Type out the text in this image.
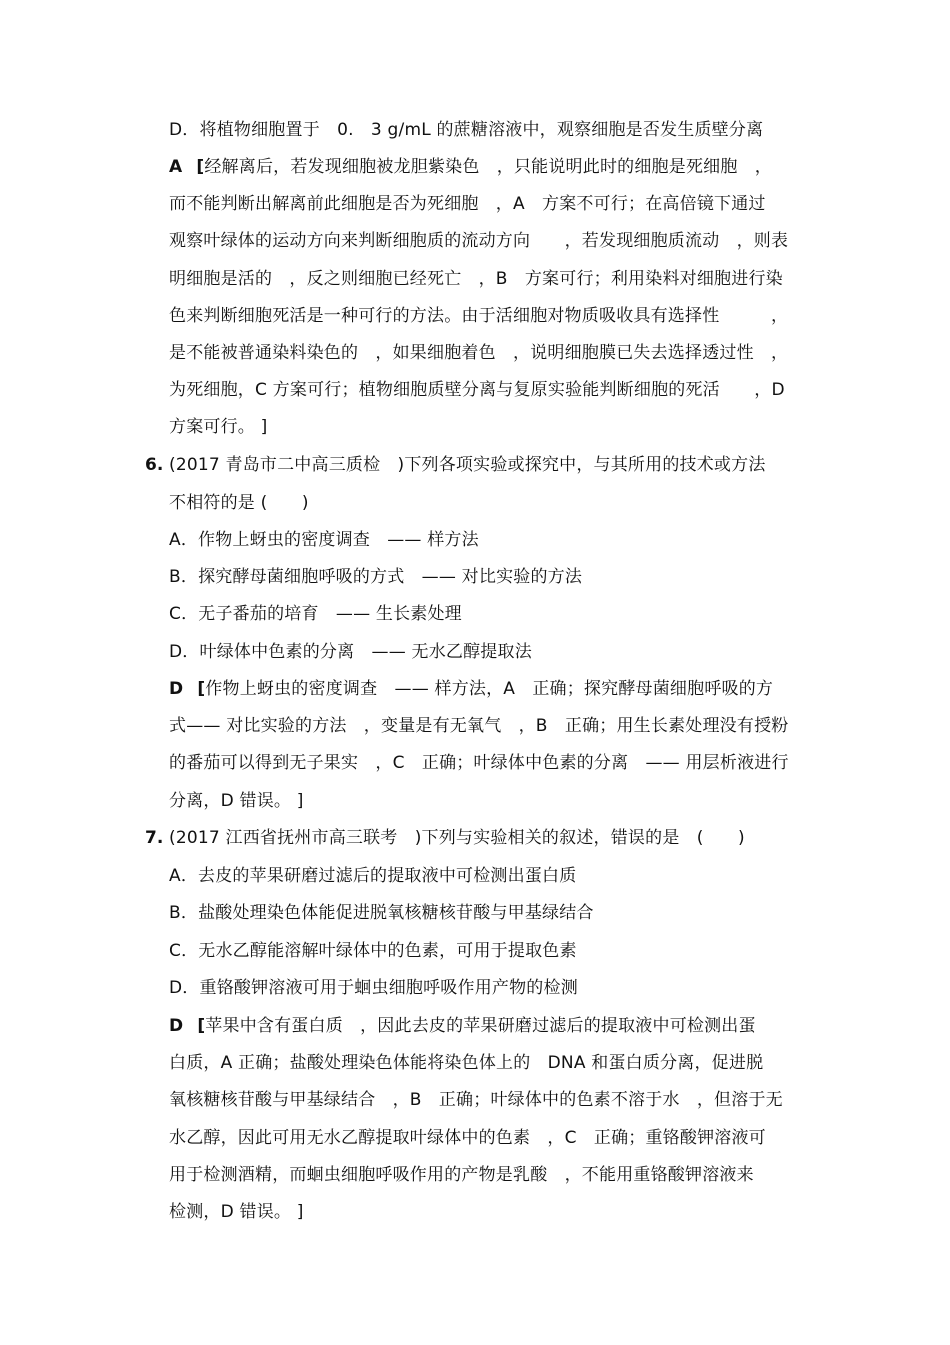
D．将植物细胞置于　0.　3 g/mL 的蔗糖溶液中，观察细胞是否发生质壁分离
A [经解离后，若发现细胞被龙胆紫染色　，只能说明此时的细胞是死细胞　，
而不能判断出解离前此细胞是否为死细胞　，A　方案不可行；在高倍镜下通过
观察叶绿体的运动方向来判断细胞质的流动方向　　，若发现细胞质流动　，则表
明细胞是活的　，反之则细胞已经死亡　，B　方案可行；利用染料对细胞进行染
色来判断细胞死活是一种可行的方法。由于活细胞对物质吸收具有选择性　　　，
是不能被普通染料染色的　，如果细胞着色　，说明细胞膜已失去选择透过性　，
为死细胞，C 方案可行；植物细胞质壁分离与复原实验能判断细胞的死活　　，D
方案可行。 ]
6. (2017 青岛市二中高三质检　)下列各项实验或探究中，与其所用的技术或方法
不相符的是 (　　)
A．作物上蚜虫的密度调查　—— 样方法
B．探究酵母菌细胞呼吸的方式　—— 对比实验的方法
C．无子番茄的培育　—— 生长素处理
D．叶绿体中色素的分离　—— 无水乙醇提取法
D [作物上蚜虫的密度调查　—— 样方法，A　正确；探究酵母菌细胞呼吸的方
式—— 对比实验的方法　，变量是有无氧气　，B　正确；用生长素处理没有授粉
的番茄可以得到无子果实　，C　正确；叶绿体中色素的分离　—— 用层析液进行
分离，D 错误。 ]
7. (2017 江西省抚州市高三联考　)下列与实验相关的叙述，错误的是　(　　)
A．去皮的苹果研磨过滤后的提取液中可检测出蛋白质
B．盐酸处理染色体能促进脱氧核糖核苷酸与甲基绿结合
C．无水乙醇能溶解叶绿体中的色素，可用于提取色素
D．重铬酸钾溶液可用于蛔虫细胞呼吸作用产物的检测
D [苹果中含有蛋白质　，因此去皮的苹果研磨过滤后的提取液中可检测出蛋
白质，A 正确；盐酸处理染色体能将染色体上的　DNA 和蛋白质分离，促进脱
氧核糖核苷酸与甲基绿结合　，B　正确；叶绿体中的色素不溶于水　，但溶于无
水乙醇，因此可用无水乙醇提取叶绿体中的色素　，C　正确；重铬酸钾溶液可
用于检测酒精，而蛔虫细胞呼吸作用的产物是乳酸　，不能用重铬酸钾溶液来
检测，D 错误。 ]
